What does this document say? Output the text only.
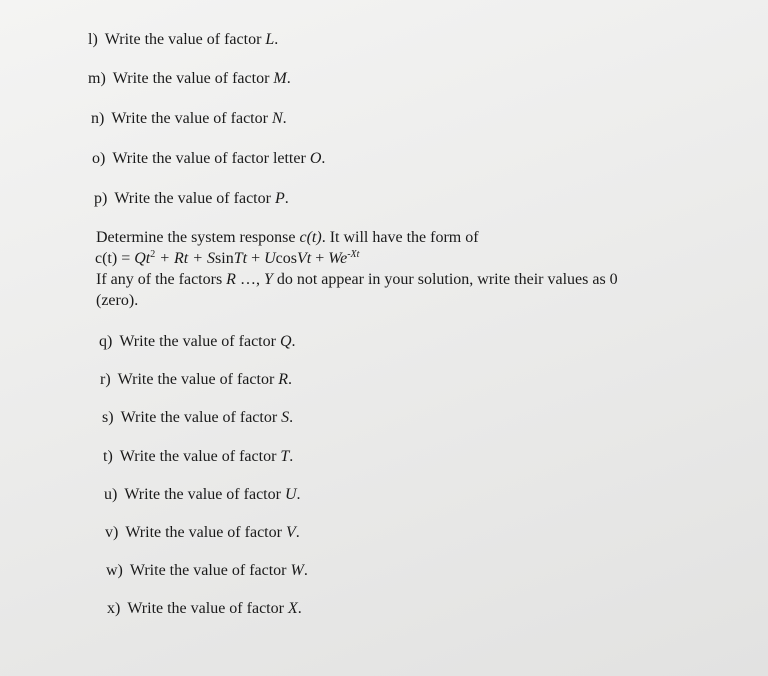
l) Write the value of factor L.
m) Write the value of factor M.
n) Write the value of factor N.
o) Write the value of factor letter O.
p) Write the value of factor P.
Determine the system response c(t). It will have the form of
$c(t) = Qt^2 + Rt$ + SsinTt + UcosVt + $We^{-Xt}$
If any of the factors R …, Y do not appear in your solution, write their values as 0
(zero).
q) Write the value of factor Q.
r) Write the value of factor R.
s) Write the value of factor S.
t) Write the value of factor T.
u) Write the value of factor U.
v) Write the value of factor V.
w) Write the value of factor W.
x) Write the value of factor X.
